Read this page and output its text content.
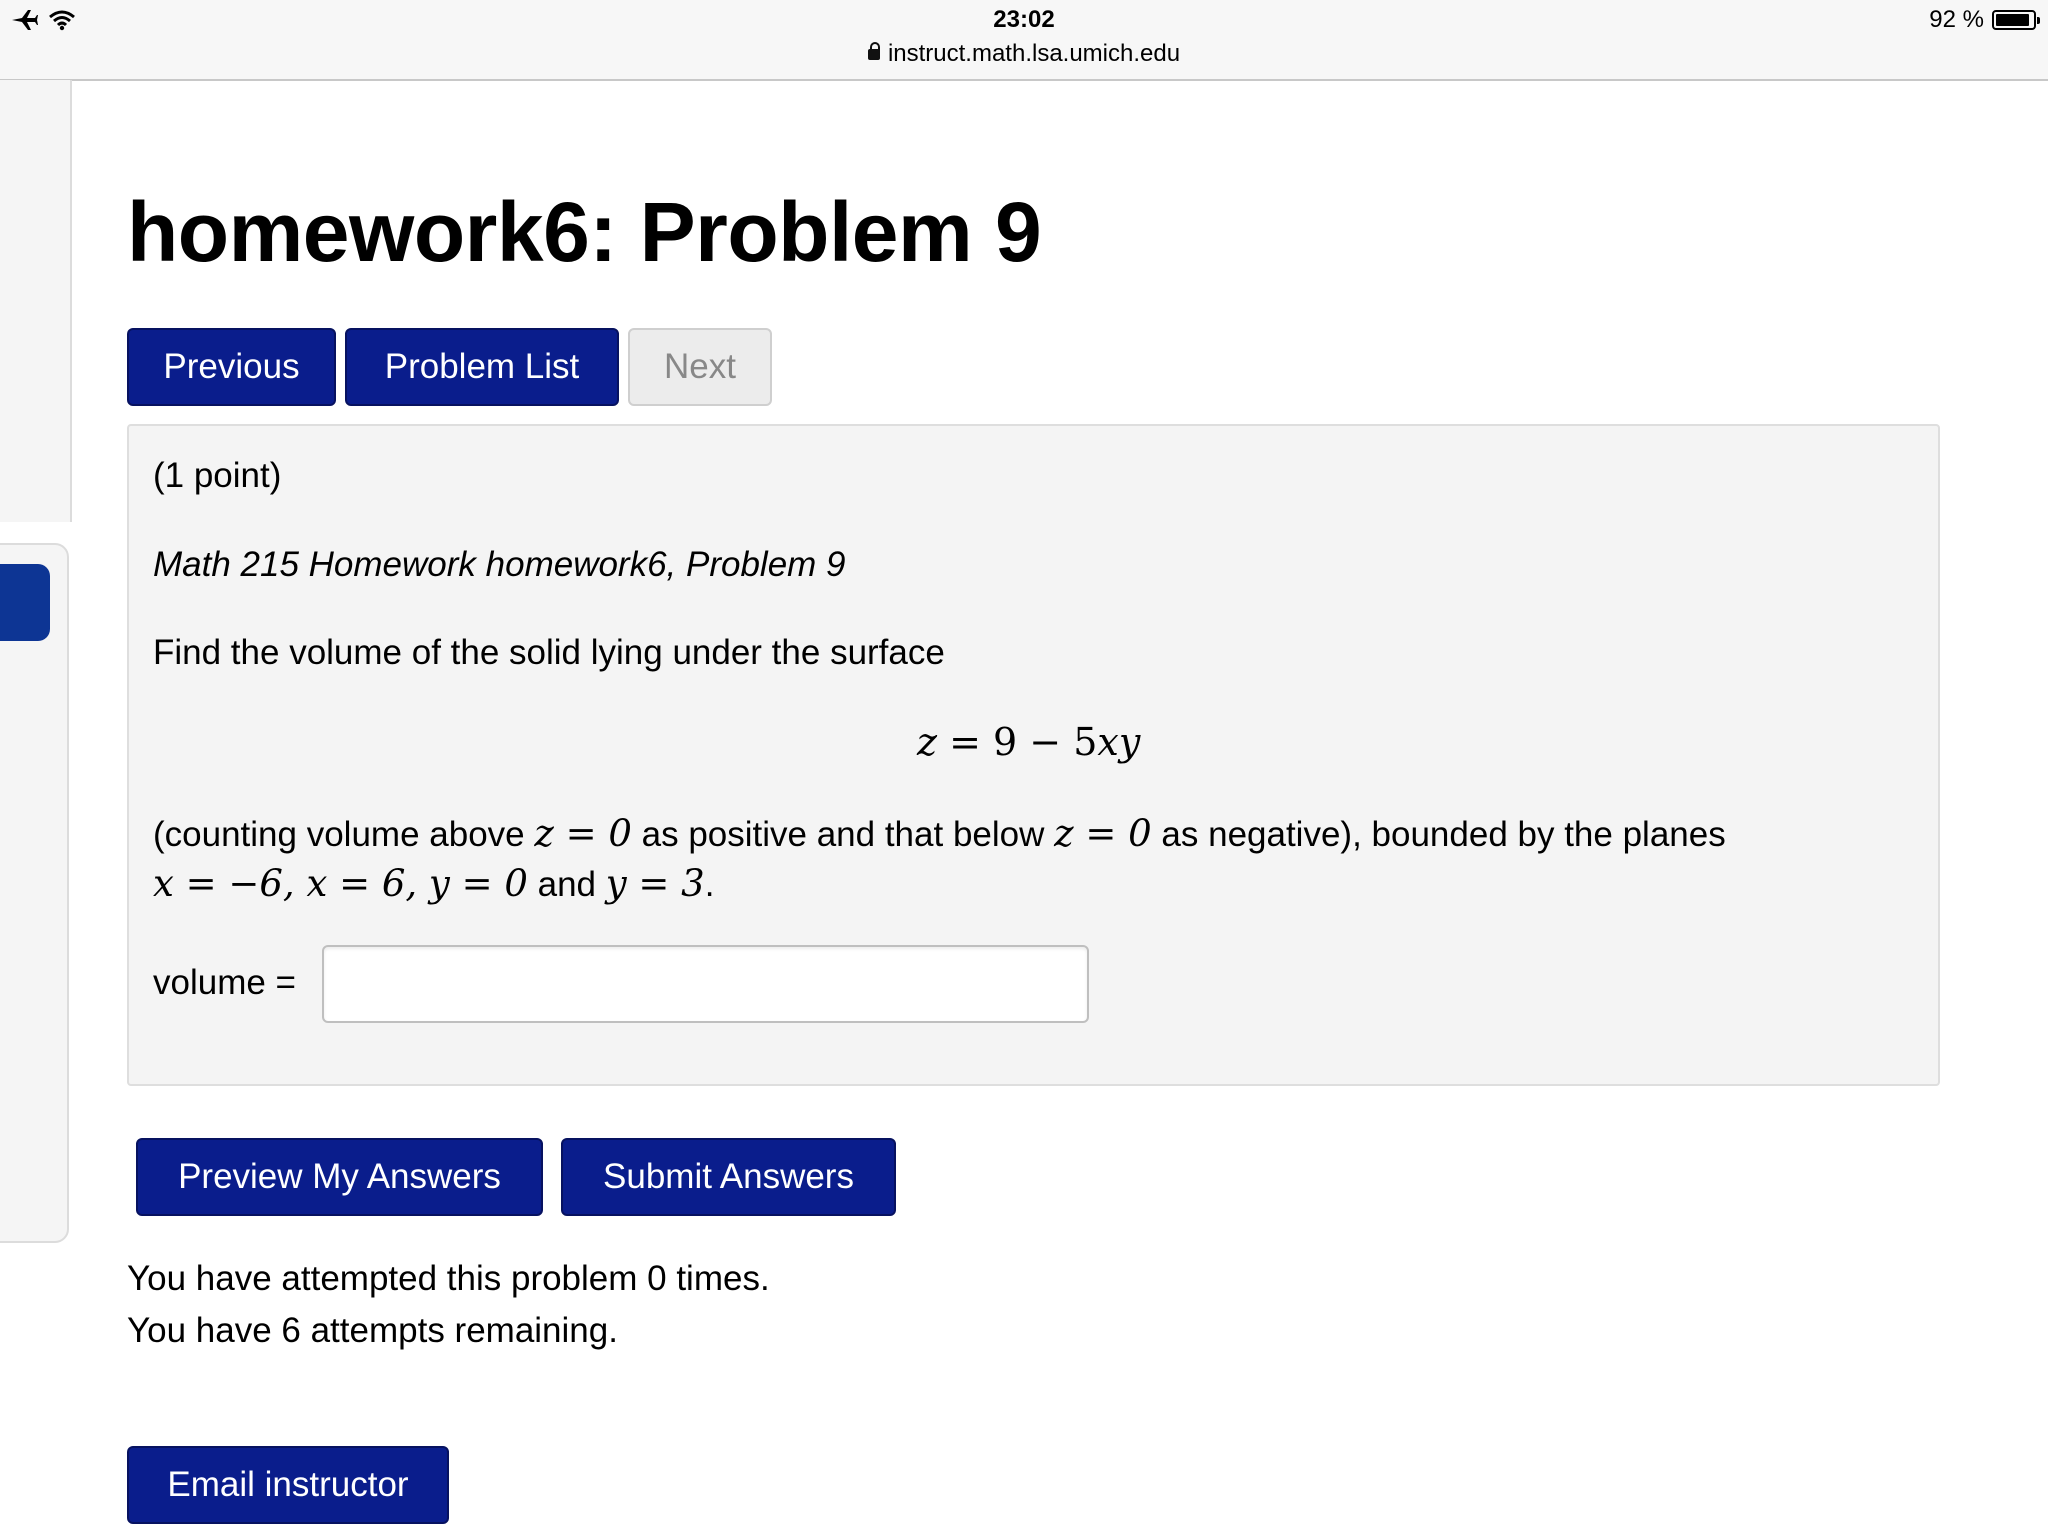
23:02
instruct.math.lsa.umich.edu
92 %
homework6: Problem 9
Previous	Problem List	Next
(1 point)
Math 215 Homework homework6, Problem 9
Find the volume of the solid lying under the surface
z = 9 − 5xy
(counting volume above z = 0 as positive and that below z = 0 as negative), bounded by the planes
x = −6, x = 6, y = 0 and y = 3.
volume =
Preview My Answers	Submit Answers
You have attempted this problem 0 times.
You have 6 attempts remaining.
Email instructor
